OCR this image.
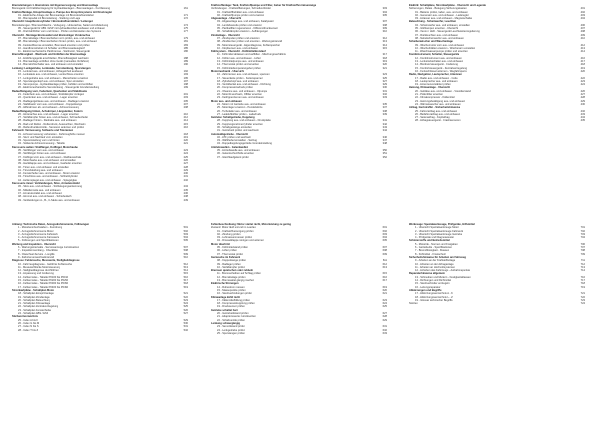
Bremsleitungen 1. Bremskreis mit Eigenversorgung und Bremsanlage
Bremsgerät mit Kraftübertragung für Hydraulikanlagen - Bremsanlagen - Kurzfassung	161
Kraftstoffanlage, Einspritzanlage u. Pumpe des Einspritzsystems mit Druckregler
01 - Elektrische Anlage der Bremsanlage mit Bremskraftverstärker	171
02 - Bremspedal mit Bremsleitung - Stellung und Lage	172
Übersicht: Hauptbremszylinder / Bremskraftverstärker / Leitungen
Bremsleitungen / Bremsschläuche - Verlegung - Hinterachse, Sattel und Abdeckung	174
05 - Steuergerät für ABS / ESP mit Hydraulikeinheit ausbauen und einbauen	175
06 - Drehzahlfühler vorn und hinten - Prüfen und Einstellen des Systems	177
Übersicht - Montage Bremssattel und Bremsträger Vorderachse
07 - Bremsbeläge / Bremsscheiben vorn prüfen, aus- und einbauen	179
08 - Bremsbeläge / Bremsscheiben hinten prüfen, aus- und einbauen	181
09 - Feststellbremse einstellen, Bremsseil ersetzen und prüfen	183
10 - Handbremshebel mit Schalter und Bremsseilausgleich	185
11 - Elektromechanische Parkbremse - Stellmotor, Steuergerät	186
Bremsflüssigkeit - Wechseln und Entlüften der Bremsanlage
12 - Entlüftungsgerät anschließen, Bremsflüssigkeit wechseln	188
13 - Bremsanlage entlüften ohne Gerät (manuelles Verfahren)	189
14 - Bremslichtschalter aus- und einbauen und einstellen	190
Lenkung: Lenkgetriebe, Lenksäule, Servolenkung, Spurstangen
15 - Lenkrad aus- und einbauen, Airbageinheit ausbauen	192
16 - Lenksäule aus- und einbauen, Lenkschloss ersetzen	193
17 - Lenkgetriebe aus- und einbauen - Manschetten ersetzen	195
18 - Spurstangenkopf aus- und einbauen, Spur einstellen	197
19 - Servopumpe - Hydraulikanlage prüfen, befüllen und entlüften	198
20 - Elektromechanische Servolenkung - Steuergerät Grundeinstellung	199
Radaufhängung vorn, Federbein, Querlenker und Stabilisator
21 - Federbein aus- und einbauen, Stoßdämpfer zerlegen	201
22 - Querlenker aus- und einbauen - Lager ersetzen	203
23 - Radlagergehäuse aus- und einbauen - Radlager ersetzen	205
24 - Stabilisator vorn aus- und einbauen - Koppelstange	207
25 - Hilfsrahmen ab- und anbauen - Achsvermessung	208
Radaufhängung hinten, Achskörper, Längslenker, Federn
26 - Hinterachse aus- und einbauen - Lager ersetzen	210
27 - Stoßdämpfer hinten aus- und einbauen, Schraubenfeder	212
28 - Radlager hinten - Radnabe aus- und einbauen	214
29 - Rad und Reifen - Reifendruck, Auswuchten, Wechseln	215
30 - Reifendruckkontrolle - Sensoren anlernen und prüfen	216
Fahrwerk: Vermessung, Sollwerte und Toleranzen
31 - Achsvermessung vorbereiten - Fahrzeughöhe messen	218
32 - Sturz und Nachlauf vorn einstellen	219
33 - Spureinstellung vorn und hinten	220
34 - Sollwerte Achsvermessung - Tabelle	221
Karosserie außen: Stoßfänger, Kotflügel, Motorhaube
35 - Stoßfänger vorn aus- und einbauen	223
36 - Stoßfänger hinten aus- und einbauen	224
37 - Kotflügel vorn aus- und einbauen - Radhausschale	225
38 - Motorhaube aus- und einbauen und einstellen	226
39 - Heckklappe aus- und einbauen, Gasfeder ersetzen	227
40 - Türen aus- und einbauen und einstellen	228
41 - Türverkleidung aus- und einbauen	229
42 - Fensterheber aus- und einbauen - Motor ersetzen	230
43 - Türschloss aus- und einbauen - Schließzylinder	231
44 - Außenspiegel aus- und einbauen - Spiegelglas	232
Karosserie innen: Verkleidungen, Sitze, Armaturentafel
45 - Sitze aus- und einbauen - Sitzbelegungserkennung	234
46 - Mittelkonsole aus- und einbauen	235
47 - Armaturentafel aus- und einbauen	236
48 - Himmel aus- und einbauen - Schiebedach	238
49 - Verkleidungen A-, B-, C-Säule aus- und einbauen	239
Kraftstoffanlage: Tank, Kraftstoffpumpe und Filter, Geber für Kraftstoffvorratsanzeige
Verbindungen - Kraftstoffleitungen, Schnellverbinder	303
01 - Kraftstoffbehälter aus- und einbauen	304
02 - Kraftstoffpumpe prüfen und ersetzen	305
Abgasanlage - Übersicht
03 - Abgasanlage aus- und einbauen, Katalysator	307
04 - Lambdasonde prüfen und ersetzen	308
05 - Partikelfilter regenerieren - Differenzdrucksensor	309
06 - Schalldämpfer ersetzen - Aufhängungen	310
Zündanlage - Übersicht
07 - Zündspulen prüfen und ersetzen	312
08 - Zündkerzen prüfen und ersetzen - Wartungsintervall	313
09 - Motorsteuergerät - Eigendiagnose, Fehlerspeicher	314
10 - Klopfsensor aus- und einbauen	315
Kühlsystem - Übersicht - Kühlmittelkreislauf
11 - Kühlmittel ablassen und auffüllen - Mischungsverhältnis	317
12 - Kühler aus- und einbauen - Lüfter	318
13 - Kühlmittelpumpe aus- und einbauen	319
14 - Thermostat prüfen und ersetzen	320
15 - Kühlmitteltemperaturgeber prüfen	321
Motormechanik - Übersicht
16 - Zahnriemen aus- und einbauen, spannen	323
17 - Steuerkette prüfen - Kettenspanner	325
18 - Zylinderkopf aus- und einbauen	327
19 - Ventildeckel aus- und einbauen - Dichtung	329
20 - Kompressionsdruck prüfen	330
21 - Ölwanne aus- und einbauen - Ölpumpe	331
22 - Motoröl wechseln, Ölfilter ersetzen	332
23 - Keilrippenriemen aus- und einbauen	333
Motor aus- und einbauen
24 - Motor mit Getriebe aus- und einbauen	335
25 - Motorlager ersetzen - Pendelstütze	337
26 - Turbolader aus- und einbauen	338
27 - Ladeluftkühler prüfen - Ladedruck	339
Getriebe: Schaltgetriebe, Kupplung
28 - Kupplung aus- und einbauen - Druckplatte	341
29 - Kupplungsnehmerzylinder ersetzen	342
30 - Schaltgestänge einstellen	343
31 - Getriebeöl prüfen und wechseln	344
Automatikgetriebe - Übersicht
32 - ATF prüfen und wechseln	346
33 - Wählhebel einstellen - Seilzug	347
34 - Doppelkupplungsgetriebe Grundeinstellung	348
Antriebswellen - Gelenkwellen
35 - Antriebswelle aus- und einbauen	350
36 - Gelenkschutzhülle ersetzen	351
37 - Gleichlaufgelenk prüfen	352
Elektrik: Schaltpläne, Stromlaufpläne - Übersicht und Legende
Sicherungen, Relais - Belegung Sicherungskasten	401
01 - Batterie prüfen, laden, aus- und einbauen	402
02 - Generator aus- und einbauen - Laderegler	403
03 - Anlasser aus- und einbauen - Magnetschalter	404
Beleuchtung - Scheinwerfer, Leuchten
04 - Scheinwerfer aus- und einbauen, einstellen	406
05 - Glühlampen ersetzen - Übersicht	407
06 - Xenon / LED - Steuergerät Leuchtweitenregulierung	408
07 - Rückleuchten aus- und einbauen	409
08 - Nebelscheinwerfer aus- und einbauen	410
Scheibenwischer und Waschanlage
09 - Wischermotor vorn aus- und einbauen	412
10 - Wischerblätter ersetzen - Wischerarm einstellen	413
11 - Waschwasserpumpe prüfen und ersetzen	414
Kombiinstrument, Schalter, Steuergeräte
12 - Kombiinstrument aus- und einbauen	416
13 - Lenkstockschalter aus- und einbauen	417
14 - Bordnetzsteuergerät - Codierung	418
15 - Komfortsteuergerät - Zentralverriegelung	419
16 - Funkschlüssel anlernen - Wegfahrsperre	420
Radio, Navigation, Lautsprecher, Antennen
17 - Radio aus- und einbauen - Code	422
18 - Lautsprecher aus- und einbauen	423
19 - Antennenverstärker prüfen	424
Heizung, Klimaanlage - Übersicht
20 - Gebläse aus- und einbauen - Vorwiderstand	426
21 - Pollenfilter ersetzen	427
22 - Klimakompressor - Kältemittel	428
23 - Heizungsbetätigung aus- und einbauen	429
24 - Wärmetauscher aus- und einbauen	430
Airbag, Gurtstraffer - Sicherheitshinweise
25 - Fahrerairbag aus- und einbauen	432
26 - Beifahrerairbag aus- und einbauen	433
27 - Seitenairbag - Kopfairbag	434
28 - Airbagsteuergerät - Crashsensoren	435
Anhang: Technische Daten, Anzugsdrehmomente, Füllmengen
1 - Motorkennbuchstaben - Zuordnung	501
2 - Anzugsdrehmomente Motor	502
3 - Anzugsdrehmomente Fahrwerk	503
4 - Anzugsdrehmomente Karosserie	504
5 - Füllmengen und Spezifikationen	505
Wartung und Inspektion - Übersicht
6 - Wartungsintervalle - Serviceanzeige zurücksetzen	507
7 - Inspektionsumfang - Checkliste	508
8 - Ölwechsel-Service - Longlife	509
9 - Zahnriemenwechselintervall	510
Diagnose: Fehlersuche, Messwerte, Stellglieddiagnose
10 - Fahrzeugdiagnose - Geführte Fehlersuche	512
11 - Messwertblöcke Motorsteuerung	513
12 - Stellglieddiagnose durchführen	514
13 - Anpassung und Codierung	515
14 - Fehlercodes - Tabelle P0100 bis P0199	516
15 - Fehlercodes - Tabelle P0200 bis P0299	517
16 - Fehlercodes - Tabelle P0300 bis P0399	518
17 - Fehlercodes - Tabelle P0400 bis P0499	519
Stromlaufpläne - Schaltplan Motor
18 - Schaltplan Einspritzanlage	521
19 - Schaltplan Zündanlage	522
20 - Schaltplan Beleuchtung	523
21 - Schaltplan Klimaanlage	524
22 - Schaltplan Zentralverriegelung	525
23 - Schaltplan Fensterheber	526
24 - Schaltplan ABS / ESP	527
Stichwortverzeichnis
25 - Index A bis F	529
26 - Index G bis M	530
27 - Index N bis S	531
28 - Index T bis Z	532
Fehlerbeschreibung: Motor startet nicht, Motorleistung zu gering
Zustand: Motor läuft unrund im Leerlauf	601
01 - Kraftstoffversorgung prüfen	602
02 - Zündung prüfen	603
03 - Luftmassenmesser prüfen	604
04 - Drosselklappe reinigen und anlernen	605
Motor überhitzt
05 - Kühlmittelstand prüfen	607
06 - Lüfter prüfen	608
07 - Thermostat prüfen	609
Geräusche im Fahrwerk
08 - Koppelstange prüfen	611
09 - Radlager prüfen	612
10 - Stoßdämpfer prüfen	613
Bremsen quietschen oder rubbeln
11 - Bremsscheiben auf Schlag prüfen	615
12 - Bremsbeläge prüfen	616
13 - Bremssattel gängig machen	617
Elektrische Störungen
14 - Ruhestrom messen	619
15 - Massepunkte prüfen	620
16 - Steckverbindungen prüfen	621
Klimaanlage kühlt nicht
17 - Kältemittelfüllung prüfen	623
18 - Kompressorkupplung prüfen	624
19 - Drucksensor prüfen	625
Getriebe schaltet hart
20 - Getriebeölstand prüfen	627
21 - Adaptionswerte zurücksetzen	628
22 - Schaltventile prüfen	629
Lenkung schwergängig
23 - Servoölstand prüfen	631
24 - Lenkgetriebe prüfen	632
25 - Spurstangen prüfen	633
Werkzeuge: Spezialwerkzeuge, Prüfgeräte, Hilfsmittel
1 - Übersicht Spezialwerkzeuge Motor	701
2 - Übersicht Spezialwerkzeuge Fahrwerk	702
3 - Übersicht Spezialwerkzeuge Getriebe	703
4 - Prüfgeräte und Diagnosetester	704
Schmierstoffe und Betriebsmittel
5 - Motoröle - Normen und Freigaben	706
6 - Getriebeöle - Spezifikationen	707
7 - Bremsflüssigkeit - Klassen	708
8 - Kühlmittel - Frostschutz	709
Sicherheitshinweise für Arbeiten am Fahrzeug
9 - Arbeiten an der Kraftstoffanlage	711
10 - Arbeiten an der Airbaganlage	712
11 - Arbeiten an Hochvoltsystemen	713
12 - Anheben des Fahrzeugs - Aufnahmepunkte	714
Reparaturhinweise allgemein
13 - Schrauben und Muttern - Festigkeitsklassen	716
14 - Dichtungen und Dichtmittel	717
15 - Steckverbinder entriegeln	718
16 - Leitungsreparatur	719
Abkürzungen und Begriffe
17 - Abkürzungsverzeichnis A - K	721
18 - Abkürzungsverzeichnis L - Z	722
19 - Glossar technischer Begriffe	723
Notizen	724
